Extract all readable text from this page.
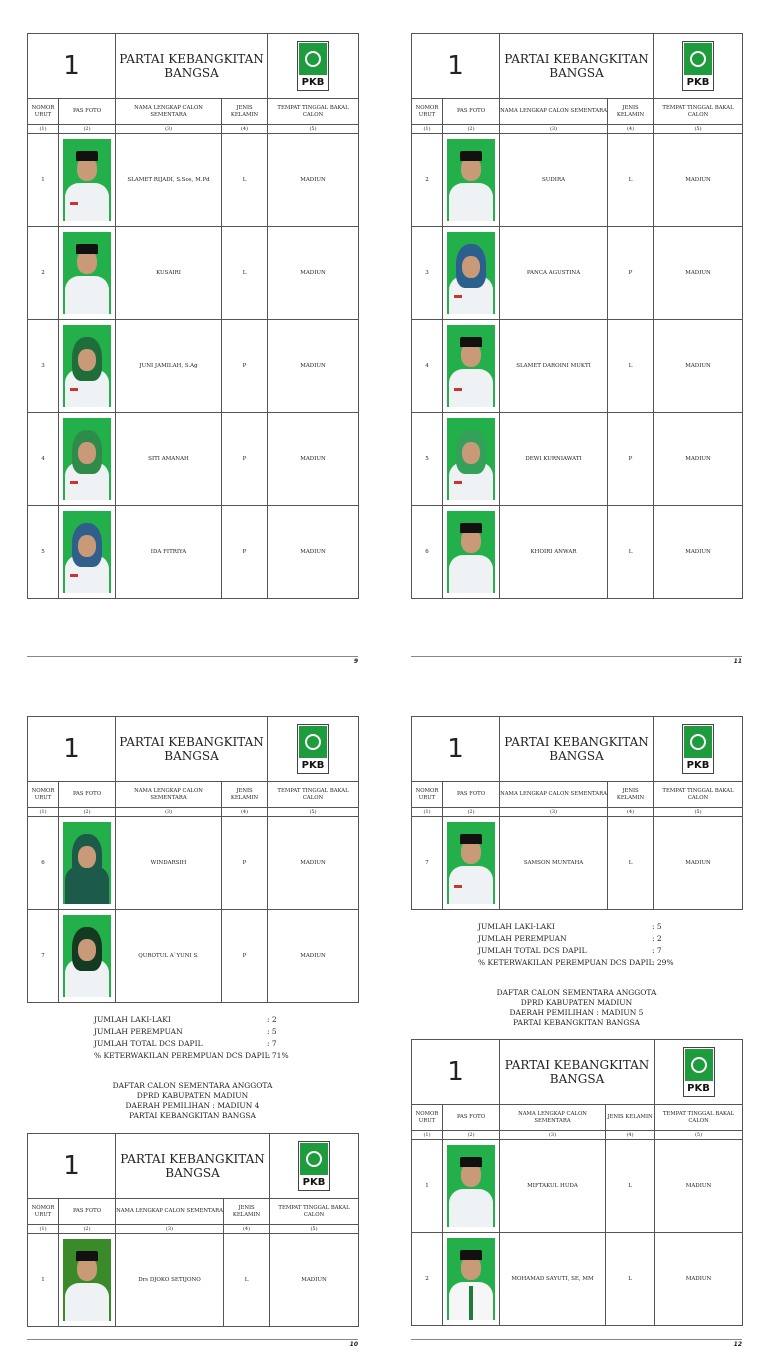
1		PARTAI KEBANGKITAN BANGSA		PKB

NOMOR URUT	PAS FOTO	NAMA LENGKAP CALON SEMENTARA	JENIS KELAMIN	TEMPAT TINGGAL BAKAL CALON
(1)	(2)	(3)	(4)	(5)
1		SLAMET RIJADI, S.Sos, M.Pd	L	MADIUN
2		KUSAIRI	L	MADIUN
3		JUNI JAMILAH, S.Ag	P	MADIUN
4		SITI AMANAH	P	MADIUN
5		IDA FITRIYA	P	MADIUN
9
1		PARTAI KEBANGKITAN BANGSA		PKB

NOMOR URUT	PAS FOTO	NAMA LENGKAP CALON SEMENTARA	JENIS KELAMIN	TEMPAT TINGGAL BAKAL CALON
(1)	(2)	(3)	(4)	(5)
2		SUDIRA	L	MADIUN
3		PANCA AGUSTINA	P	MADIUN
4		SLAMET DAROINI MUKTI	L	MADIUN
5		DEWI KURNIAWATI	P	MADIUN
6		KHOIRI ANWAR	L	MADIUN
11
1		PARTAI KEBANGKITAN BANGSA		PKB

NOMOR URUT	PAS FOTO	NAMA LENGKAP CALON SEMENTARA	JENIS KELAMIN	TEMPAT TINGGAL BAKAL CALON
(1)	(2)	(3)	(4)	(5)
6		WINDARSIH	P	MADIUN
7		QUROTUL A`YUNI S.	P	MADIUN
JUMLAH LAKI-LAKI	: 2
JUMLAH PEREMPUAN	: 5
JUMLAH TOTAL DCS DAPIL	: 7
% KETERWAKILAN PEREMPUAN DCS DAPIL
: 71%
DAFTAR CALON SEMENTARA ANGGOTA
DPRD KABUPATEN MADIUN
DAERAH PEMILIHAN : MADIUN 4
PARTAI KEBANGKITAN BANGSA
1		PARTAI KEBANGKITAN BANGSA		PKB

NOMOR URUT	PAS FOTO	NAMA LENGKAP CALON SEMENTARA	JENIS KELAMIN	TEMPAT TINGGAL BAKAL CALON
(1)	(2)	(3)	(4)	(5)
1		Drs DJOKO SETIJONO	L	MADIUN
10
1		PARTAI KEBANGKITAN BANGSA		PKB

NOMOR URUT	PAS FOTO	NAMA LENGKAP CALON SEMENTARA	JENIS KELAMIN	TEMPAT TINGGAL BAKAL CALON
(1)	(2)	(3)	(4)	(5)
7		SAMSON MUNTAHA	L	MADIUN
JUMLAH LAKI-LAKI	: 5
JUMLAH PEREMPUAN	: 2
JUMLAH TOTAL DCS DAPIL	: 7
% KETERWAKILAN PEREMPUAN DCS DAPIL
: 29%
DAFTAR CALON SEMENTARA ANGGOTA
DPRD KABUPATEN MADIUN
DAERAH PEMILIHAN : MADIUN 5
PARTAI KEBANGKITAN BANGSA
1		PARTAI KEBANGKITAN BANGSA		PKB

NOMOR URUT	PAS FOTO	NAMA LENGKAP CALON SEMENTARA	JENIS KELAMIN	TEMPAT TINGGAL BAKAL CALON
(1)	(2)	(3)	(4)	(5)
1		MIFTAKUL HUDA	L	MADIUN
2		MOHAMAD SAYUTI, SE, MM	L	MADIUN
12
